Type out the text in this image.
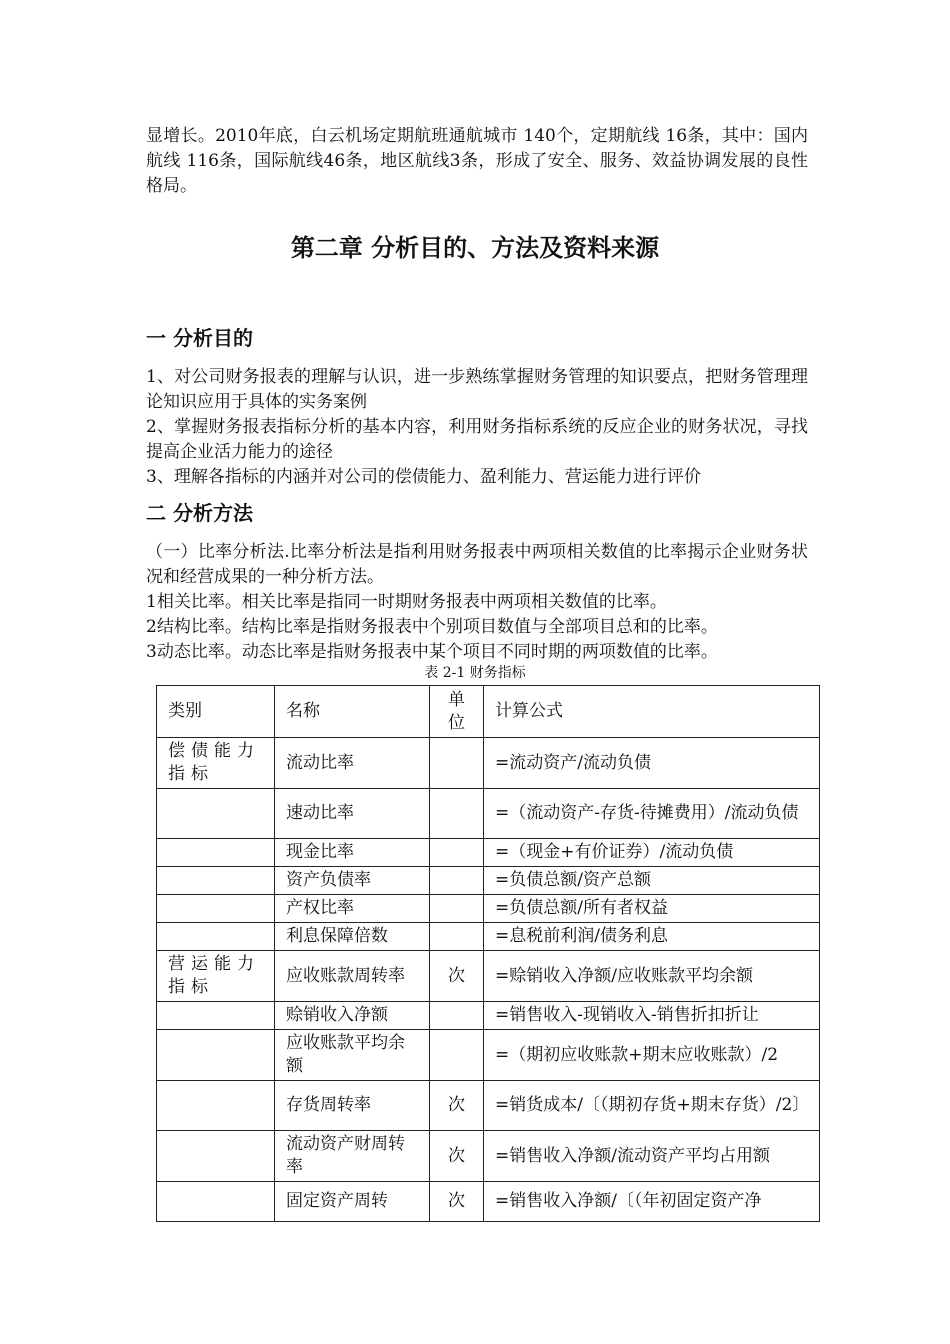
显增长。2010年底，白云机场定期航班通航城市 140个，定期航线 16条，其中：国内航线 116条，国际航线46条，地区航线3条，形成了安全、服务、效益协调发展的良性格局。

第二章 分析目的、方法及资料来源
一 分析目的
1、对公司财务报表的理解与认识，进一步熟练掌握财务管理的知识要点，把财务管理理论知识应用于具体的实务案例
2、掌握财务报表指标分析的基本内容，利用财务指标系统的反应企业的财务状况，寻找提高企业活力能力的途径
3、理解各指标的内涵并对公司的偿债能力、盈利能力、营运能力进行评价
二 分析方法
（一）比率分析法.比率分析法是指利用财务报表中两项相关数值的比率揭示企业财务状况和经营成果的一种分析方法。
1相关比率。相关比率是指同一时期财务报表中两项相关数值的比率。
2结构比率。结构比率是指财务报表中个别项目数值与全部项目总和的比率。
3动态比率。动态比率是指财务报表中某个项目不同时期的两项数值的比率。

表 2-1 财务指标

类别	名称	单位	计算公式
偿债能力指标	流动比率		=流动资产/流动负债
	速动比率		=（流动资产-存货-待摊费用）/流动负债
	现金比率		=（现金+有价证券）/流动负债
	资产负债率		=负债总额/资产总额
	产权比率		=负债总额/所有者权益
	利息保障倍数		=息税前利润/债务利息
营运能力指标	应收账款周转率	次	=赊销收入净额/应收账款平均余额
	赊销收入净额		=销售收入-现销收入-销售折扣折让
	应收账款平均余额		=（期初应收账款+期末应收账款）/2
	存货周转率	次	=销货成本/〔（期初存货+期末存货）/2〕
	流动资产财周转率	次	=销售收入净额/流动资产平均占用额
	固定资产周转	次	=销售收入净额/〔（年初固定资产净
